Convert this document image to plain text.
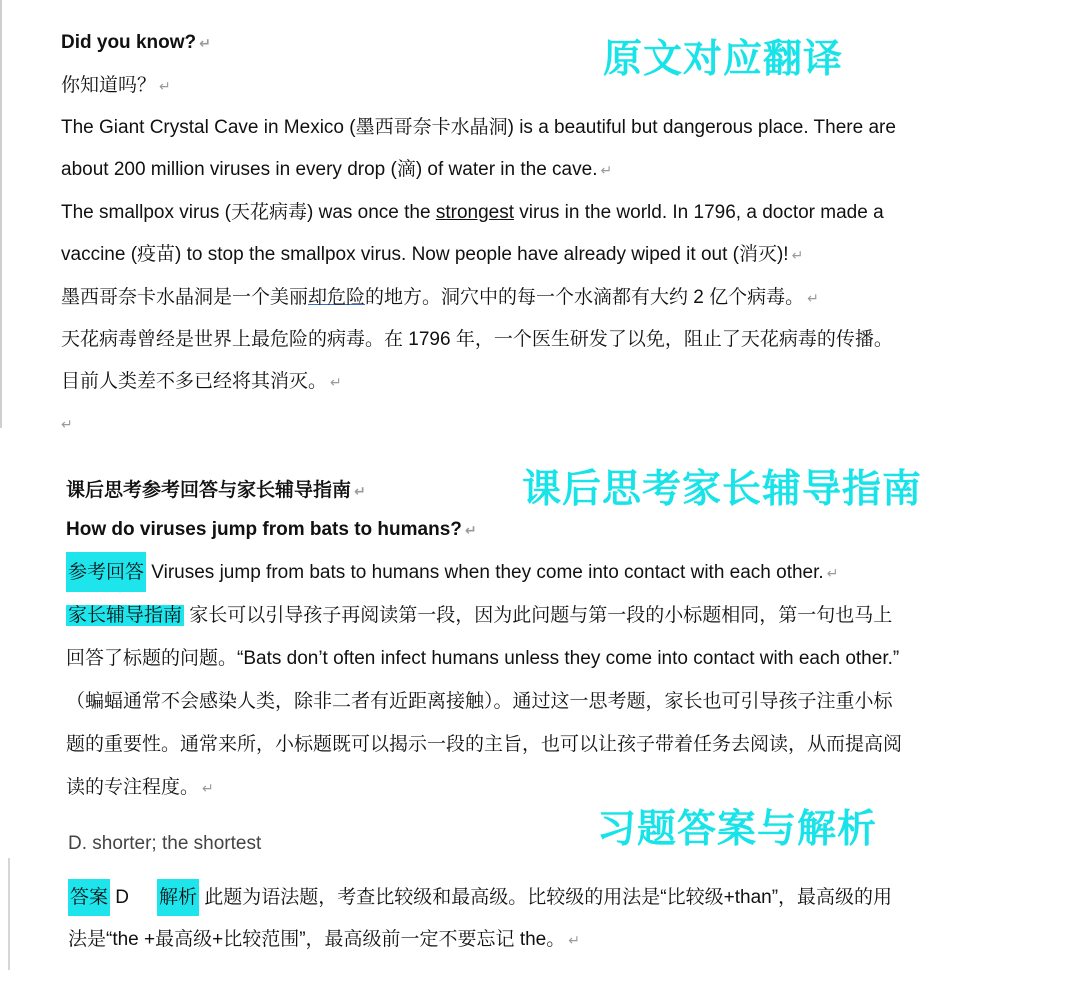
Did you know? ↵
你知道吗？ ↵
The Giant Crystal Cave in Mexico (墨西哥奈卡水晶洞) is a beautiful but dangerous place. There are
about 200 million viruses in every drop (滴) of water in the cave. ↵
The smallpox virus (天花病毒) was once the strongest virus in the world. In 1796, a doctor made a
vaccine (疫苗) to stop the smallpox virus. Now people have already wiped it out (消灭)! ↵
墨西哥奈卡水晶洞是一个美丽却危险的地方。洞穴中的每一个水滴都有大约 2 亿个病毒。 ↵
天花病毒曾经是世界上最危险的病毒。在 1796 年，一个医生研发了以免，阻止了天花病毒的传播。
目前人类差不多已经将其消灭。 ↵
↵
原文对应翻译
课后思考家长辅导指南
课后思考参考回答与家长辅导指南 ↵
How do viruses jump from bats to humans? ↵
参考回答 Viruses jump from bats to humans when they come into contact with each other. ↵
家长辅导指南 家长可以引导孩子再阅读第一段，因为此问题与第一段的小标题相同，第一句也马上
回答了标题的问题。“Bats don’t often infect humans unless they come into contact with each other.”
（蝙蝠通常不会感染人类，除非二者有近距离接触）。通过这一思考题，家长也可引导孩子注重小标
题的重要性。通常来所，小标题既可以揭示一段的主旨，也可以让孩子带着任务去阅读，从而提高阅
读的专注程度。 ↵
习题答案与解析
D. shorter; the shortest
答案 D 解析 此题为语法题，考查比较级和最高级。比较级的用法是“比较级+than”，最高级的用
法是“the +最高级+比较范围”，最高级前一定不要忘记 the。 ↵
